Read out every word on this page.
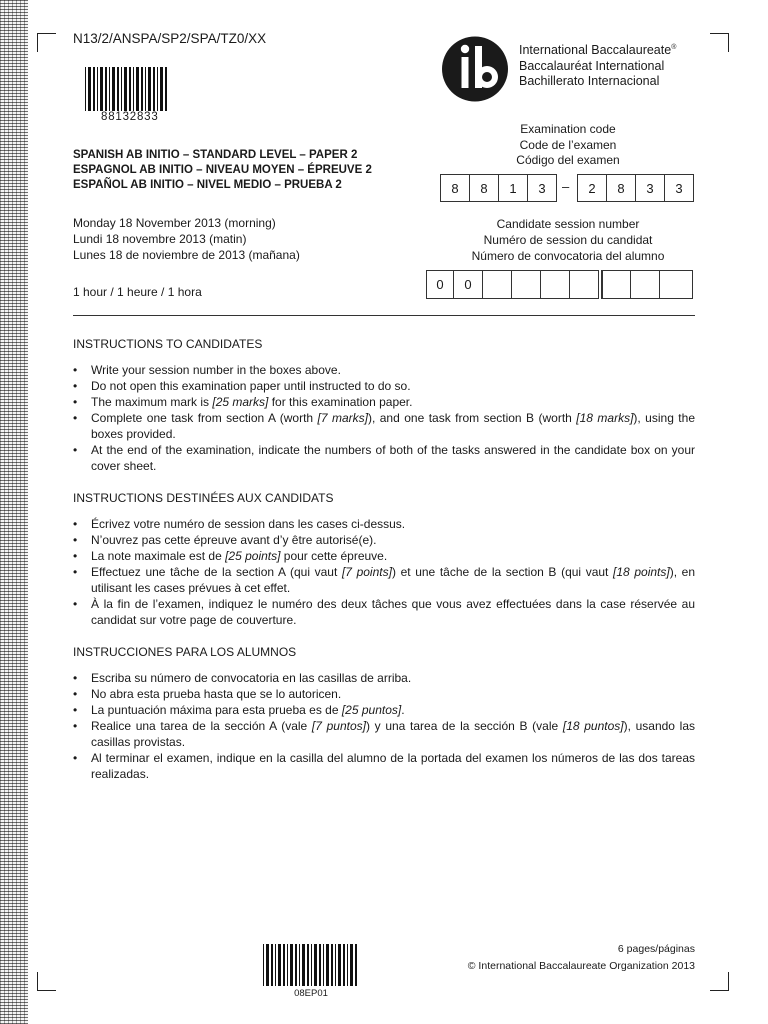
N13/2/ANSPA/SP2/SPA/TZ0/XX
88132833
International Baccalaureate®
Baccalauréat International
Bachillerato Internacional
SPANISH AB INITIO – STANDARD LEVEL – PAPER 2
ESPAGNOL AB INITIO – NIVEAU MOYEN – ÉPREUVE 2
ESPAÑOL AB INITIO – NIVEL MEDIO – PRUEBA 2
Monday 18 November 2013 (morning)
Lundi 18 novembre 2013 (matin)
Lunes 18 de noviembre de 2013 (mañana)
1 hour / 1 heure / 1 hora
Examination code
Code de l’examen
Código del examen
8	8	1	3	–	2	8	3	3
Candidate session number
Numéro de session du candidat
Número de convocatoria del alumno
0	0
INSTRUCTIONS TO CANDIDATES
• Write your session number in the boxes above.
• Do not open this examination paper until instructed to do so.
• The maximum mark is [25 marks] for this examination paper.
• Complete one task from section A (worth [7 marks]), and one task from section B (worth [18 marks]), using the boxes provided.
• At the end of the examination, indicate the numbers of both of the tasks answered in the candidate box on your cover sheet.
INSTRUCTIONS DESTINÉES AUX CANDIDATS
• Écrivez votre numéro de session dans les cases ci-dessus.
• N’ouvrez pas cette épreuve avant d’y être autorisé(e).
• La note maximale est de [25 points] pour cette épreuve.
• Effectuez une tâche de la section A (qui vaut [7 points]) et une tâche de la section B (qui vaut [18 points]), en utilisant les cases prévues à cet effet.
• À la fin de l’examen, indiquez le numéro des deux tâches que vous avez effectuées dans la case réservée au candidat sur votre page de couverture.
INSTRUCCIONES PARA LOS ALUMNOS
• Escriba su número de convocatoria en las casillas de arriba.
• No abra esta prueba hasta que se lo autoricen.
• La puntuación máxima para esta prueba es de [25 puntos].
• Realice una tarea de la sección A (vale [7 puntos]) y una tarea de la sección B (vale [18 puntos]), usando las casillas provistas.
• Al terminar el examen, indique en la casilla del alumno de la portada del examen los números de las dos tareas realizadas.
08EP01
6 pages/páginas
© International Baccalaureate Organization 2013
